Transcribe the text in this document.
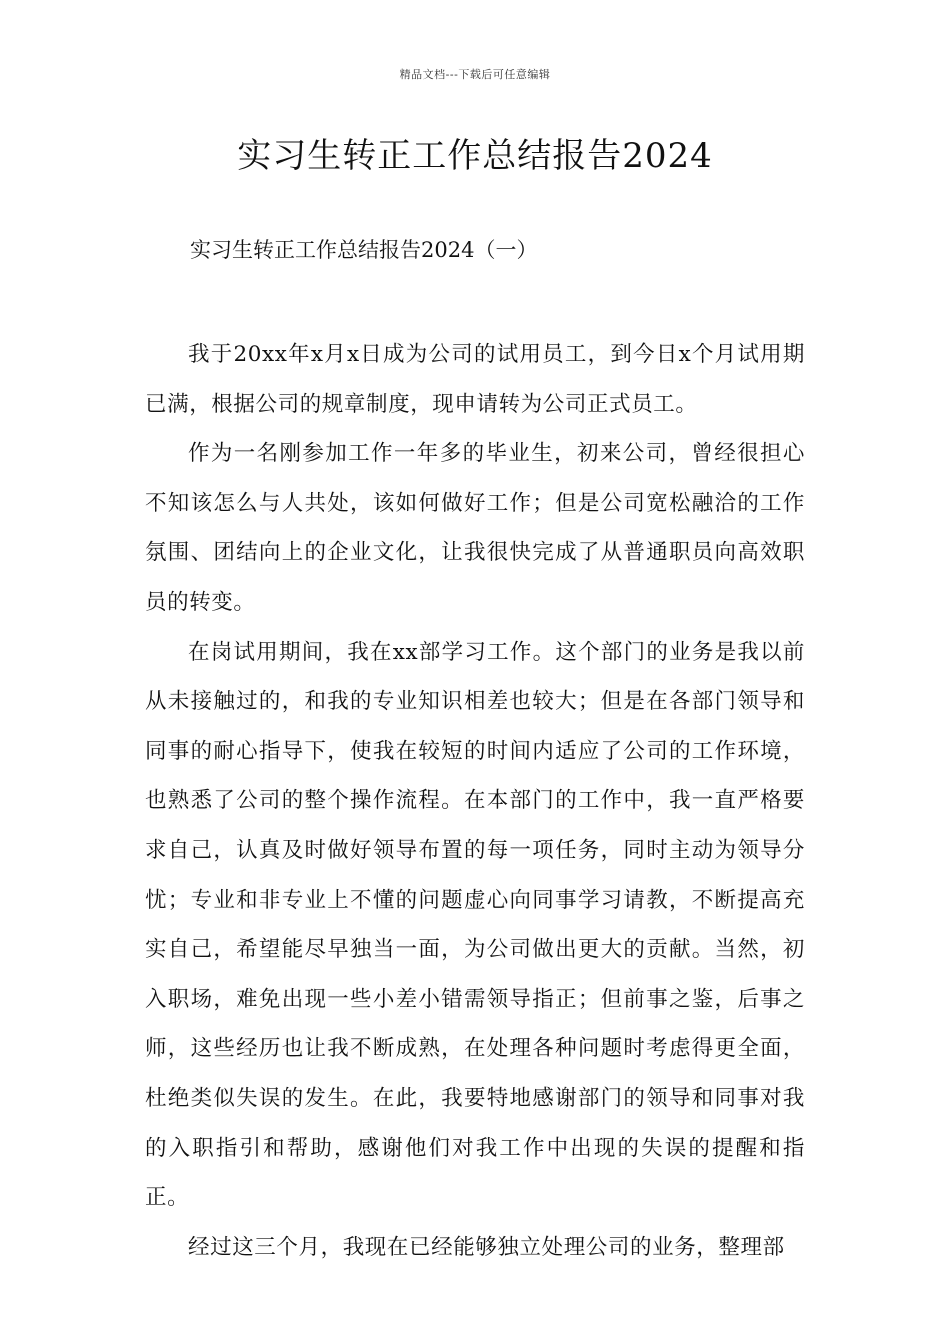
精品文档---下载后可任意编辑
实习生转正工作总结报告2024
实习生转正工作总结报告2024（一）

我于20xx年x月x日成为公司的试用员工，到今日x个月试用期已满，根据公司的规章制度，现申请转为公司正式员工。

作为一名刚参加工作一年多的毕业生，初来公司，曾经很担心不知该怎么与人共处，该如何做好工作；但是公司宽松融洽的工作氛围、团结向上的企业文化，让我很快完成了从普通职员向高效职员的转变。

在岗试用期间，我在xx部学习工作。这个部门的业务是我以前从未接触过的，和我的专业知识相差也较大；但是在各部门领导和同事的耐心指导下，使我在较短的时间内适应了公司的工作环境，也熟悉了公司的整个操作流程。在本部门的工作中，我一直严格要求自己，认真及时做好领导布置的每一项任务，同时主动为领导分忧；专业和非专业上不懂的问题虚心向同事学习请教，不断提高充实自己，希望能尽早独当一面，为公司做出更大的贡献。当然，初入职场，难免出现一些小差小错需领导指正；但前事之鉴，后事之师，这些经历也让我不断成熟，在处理各种问题时考虑得更全面，杜绝类似失误的发生。在此，我要特地感谢部门的领导和同事对我的入职指引和帮助，感谢他们对我工作中出现的失误的提醒和指正。

经过这三个月，我现在已经能够独立处理公司的业务，整理部
